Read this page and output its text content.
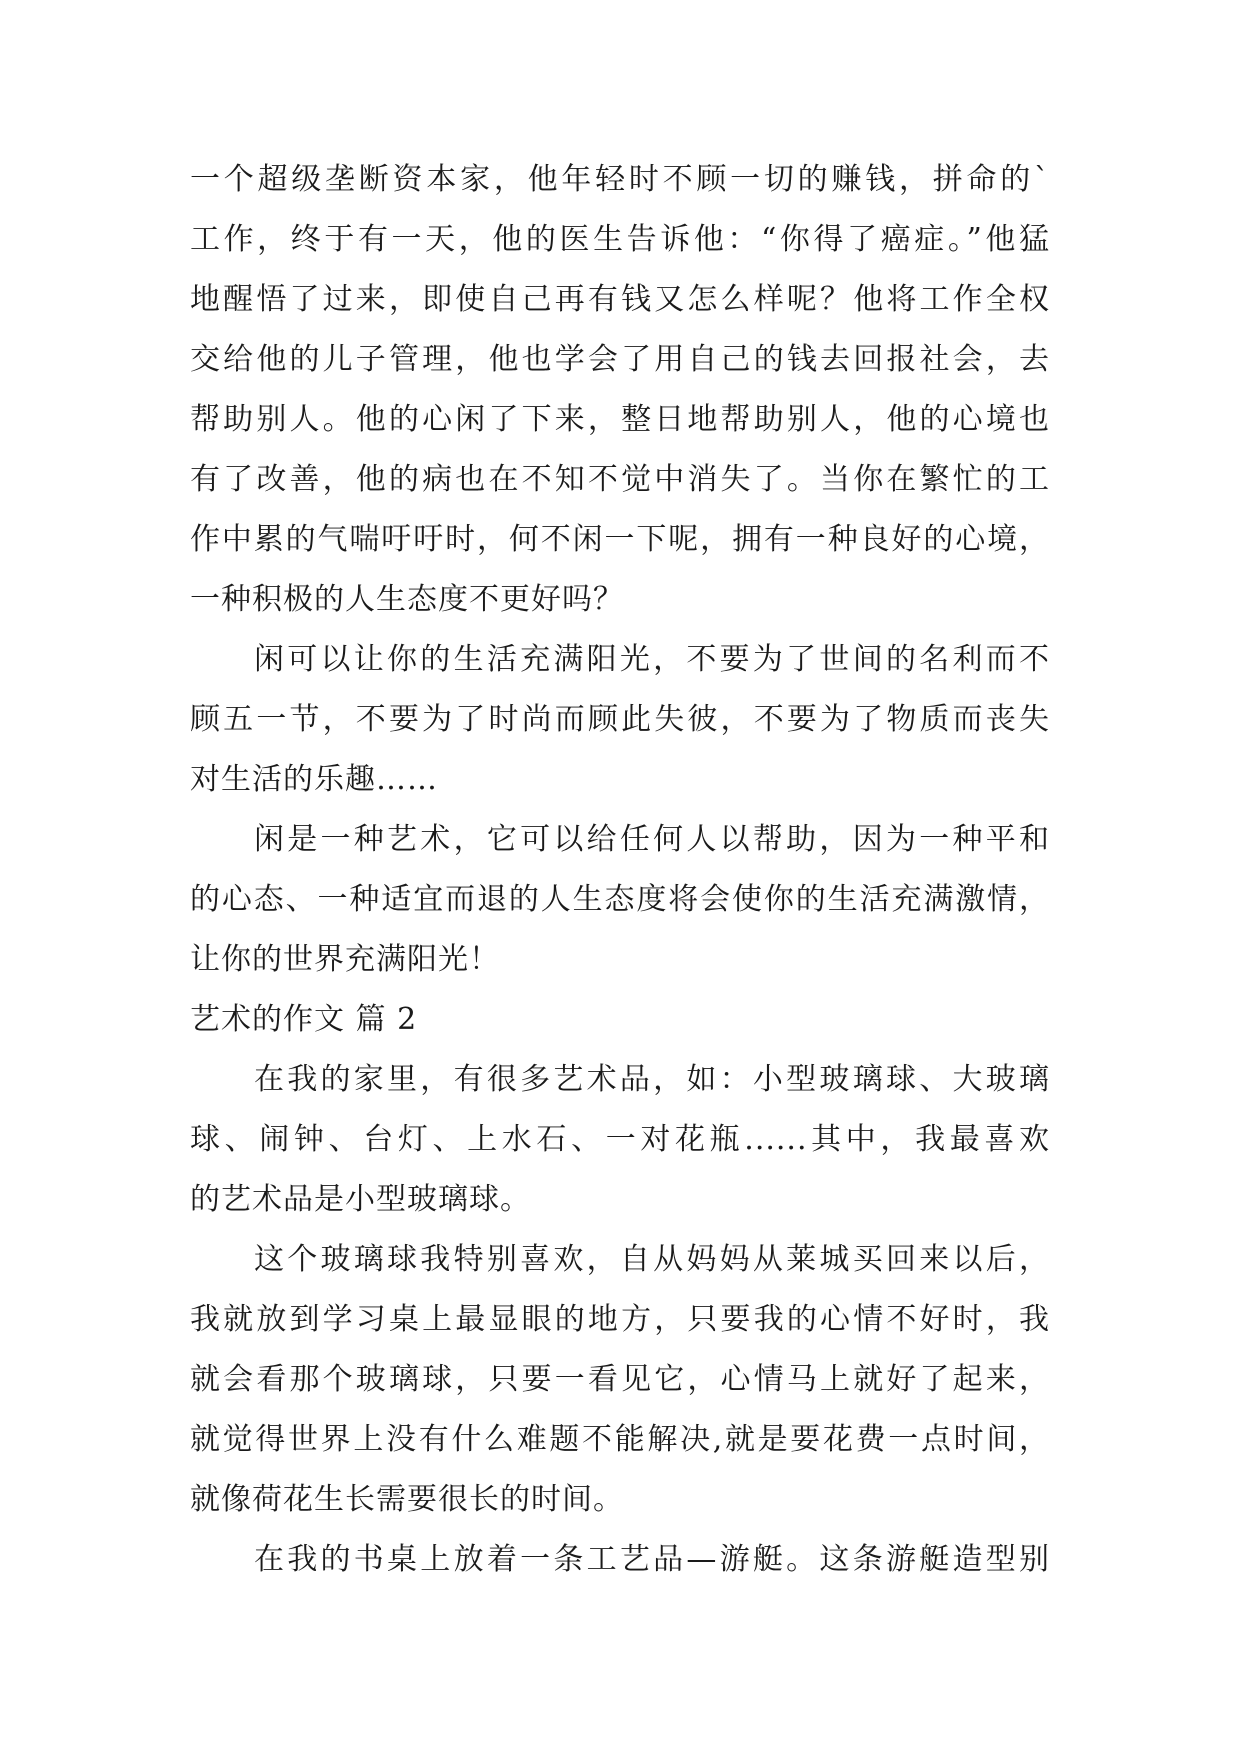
一个超级垄断资本家，他年轻时不顾一切的赚钱，拼命的`
工作，终于有一天，他的医生告诉他：“你得了癌症。”他猛
地醒悟了过来，即使自己再有钱又怎么样呢？他将工作全权
交给他的儿子管理，他也学会了用自己的钱去回报社会，去
帮助别人。他的心闲了下来，整日地帮助别人，他的心境也
有了改善，他的病也在不知不觉中消失了。当你在繁忙的工
作中累的气喘吁吁时，何不闲一下呢，拥有一种良好的心境，
一种积极的人生态度不更好吗？
闲可以让你的生活充满阳光，不要为了世间的名利而不
顾五一节，不要为了时尚而顾此失彼，不要为了物质而丧失
对生活的乐趣……
闲是一种艺术，它可以给任何人以帮助，因为一种平和
的心态、一种适宜而退的人生态度将会使你的生活充满激情，
让你的世界充满阳光！
艺术的作文 篇 2
在我的家里，有很多艺术品，如：小型玻璃球、大玻璃
球、闹钟、台灯、上水石、一对花瓶......其中，我最喜欢
的艺术品是小型玻璃球。
这个玻璃球我特别喜欢，自从妈妈从莱城买回来以后，
我就放到学习桌上最显眼的地方，只要我的心情不好时，我
就会看那个玻璃球，只要一看见它，心情马上就好了起来，
就觉得世界上没有什么难题不能解决,就是要花费一点时间，
就像荷花生长需要很长的时间。
在我的书桌上放着一条工艺品—游艇。这条游艇造型别
